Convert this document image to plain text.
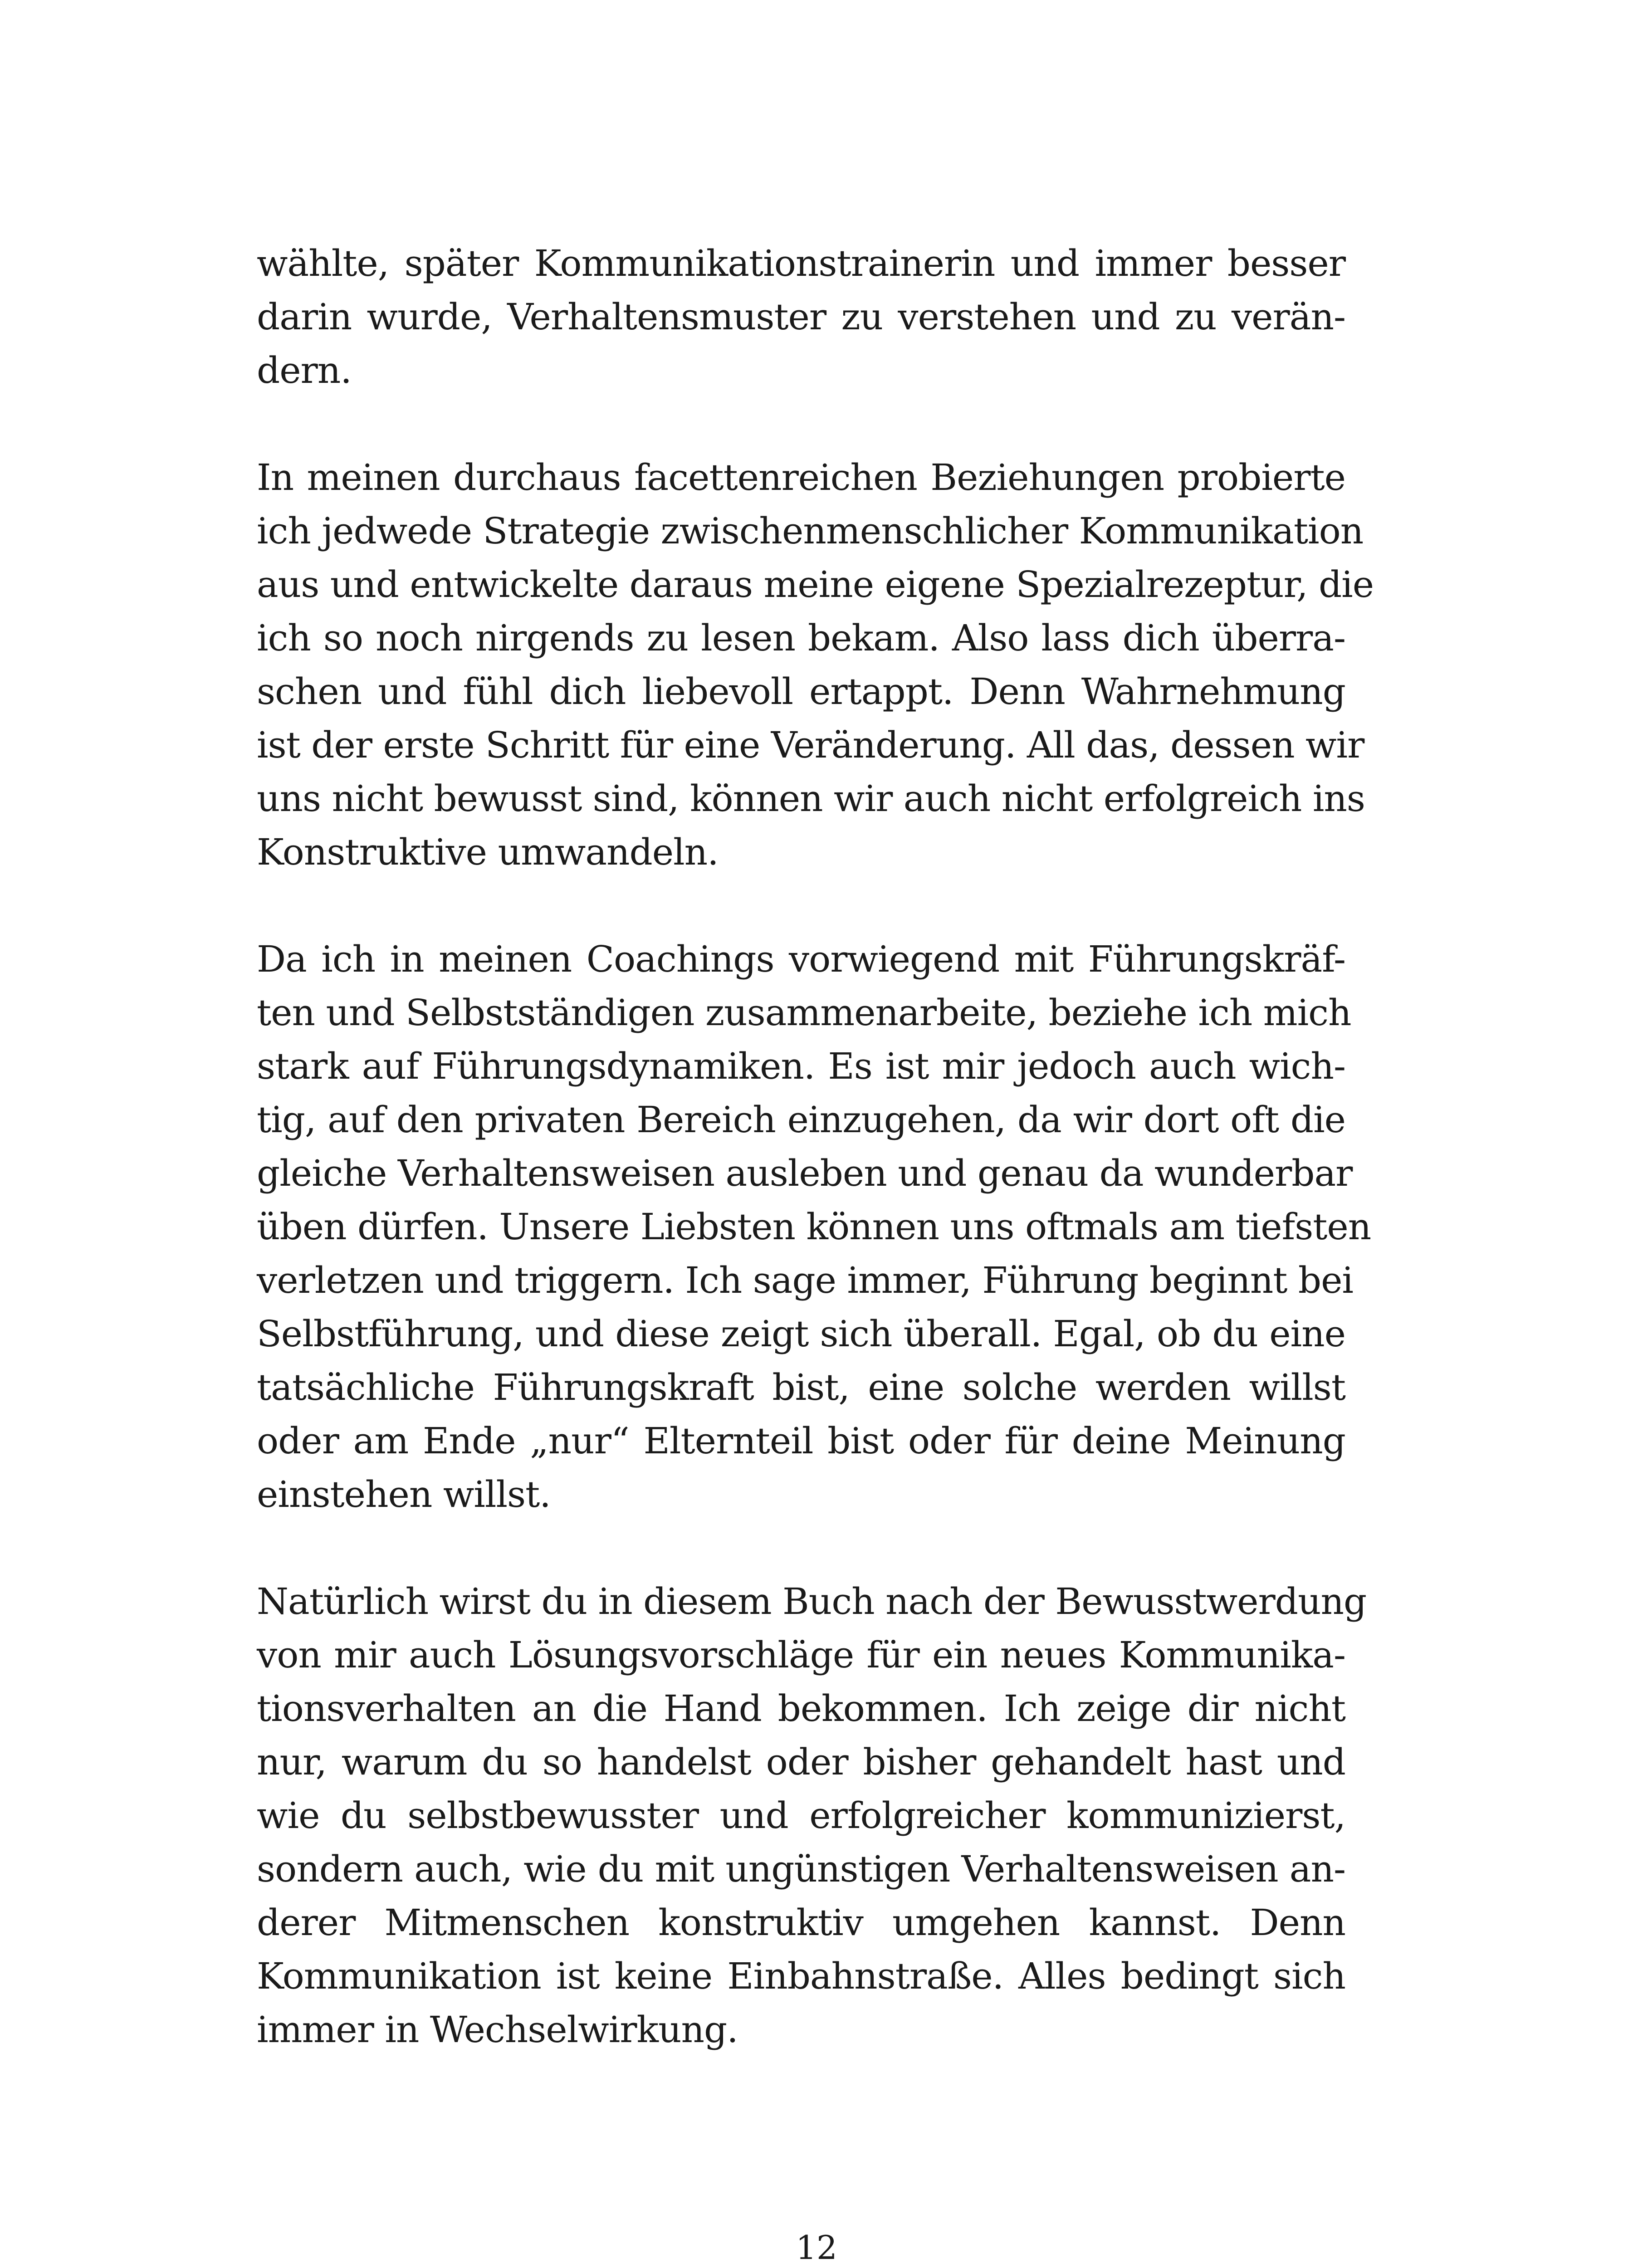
wählte, später Kommunikationstrainerin und immer besser
darin wurde, Verhaltensmuster zu verstehen und zu verän-
dern.

In meinen durchaus facettenreichen Beziehungen probierte
ich jedwede Strategie zwischenmenschlicher Kommunikation
aus und entwickelte daraus meine eigene Spezialrezeptur, die
ich so noch nirgends zu lesen bekam. Also lass dich überra-
schen und fühl dich liebevoll ertappt. Denn Wahrnehmung
ist der erste Schritt für eine Veränderung. All das, dessen wir
uns nicht bewusst sind, können wir auch nicht erfolgreich ins
Konstruktive umwandeln.

Da ich in meinen Coachings vorwiegend mit Führungskräf-
ten und Selbstständigen zusammenarbeite, beziehe ich mich
stark auf Führungsdynamiken. Es ist mir jedoch auch wich-
tig, auf den privaten Bereich einzugehen, da wir dort oft die
gleiche Verhaltensweisen ausleben und genau da wunderbar
üben dürfen. Unsere Liebsten können uns oftmals am tiefsten
verletzen und triggern. Ich sage immer, Führung beginnt bei
Selbstführung, und diese zeigt sich überall. Egal, ob du eine
tatsächliche Führungskraft bist, eine solche werden willst
oder am Ende „nur“ Elternteil bist oder für deine Meinung
einstehen willst.

Natürlich wirst du in diesem Buch nach der Bewusstwerdung
von mir auch Lösungsvorschläge für ein neues Kommunika-
tionsverhalten an die Hand bekommen. Ich zeige dir nicht
nur, warum du so handelst oder bisher gehandelt hast und
wie du selbstbewusster und erfolgreicher kommunizierst,
sondern auch, wie du mit ungünstigen Verhaltensweisen an-
derer Mitmenschen konstruktiv umgehen kannst. Denn
Kommunikation ist keine Einbahnstraße. Alles bedingt sich
immer in Wechselwirkung.

12
